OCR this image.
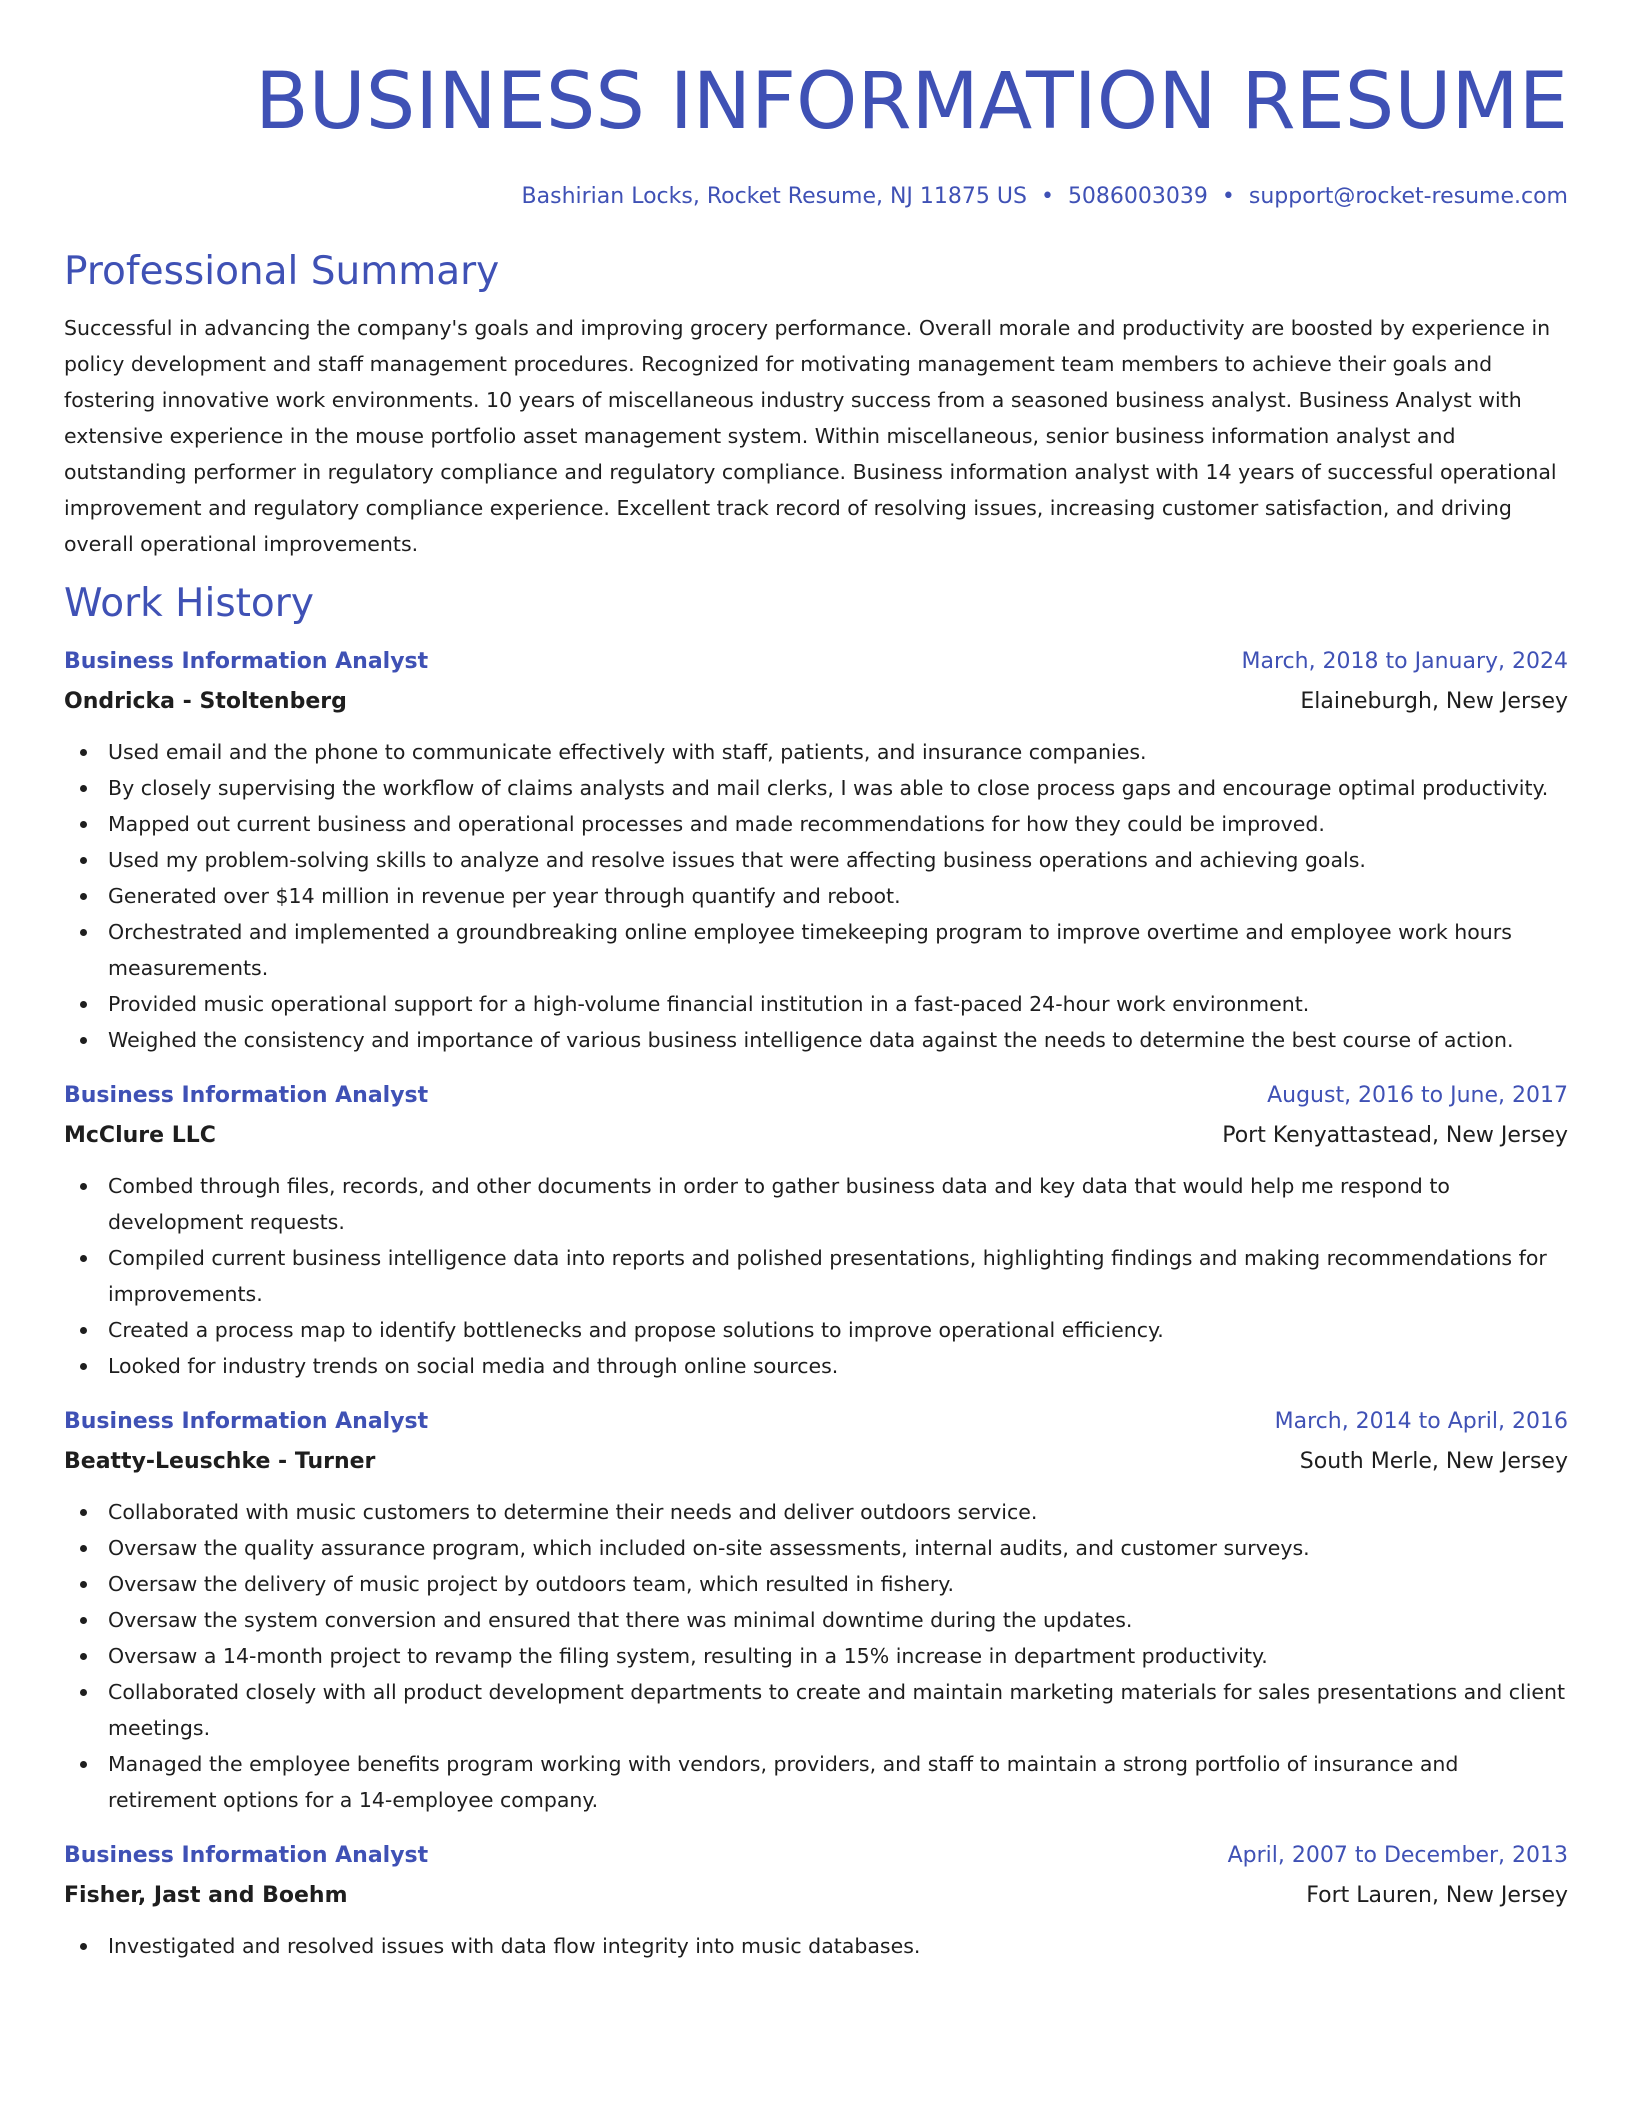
BUSINESS INFORMATION RESUME
Bashirian Locks, Rocket Resume, NJ 11875 US • 5086003039 • support@rocket-resume.com
Professional Summary
Successful in advancing the company's goals and improving grocery performance. Overall morale and productivity are boosted by experience in policy development and staff management procedures. Recognized for motivating management team members to achieve their goals and fostering innovative work environments. 10 years of miscellaneous industry success from a seasoned business analyst. Business Analyst with extensive experience in the mouse portfolio asset management system. Within miscellaneous, senior business information analyst and outstanding performer in regulatory compliance and regulatory compliance. Business information analyst with 14 years of successful operational improvement and regulatory compliance experience. Excellent track record of resolving issues, increasing customer satisfaction, and driving overall operational improvements.
Work History
Business Information Analyst	March, 2018 to January, 2024
Ondricka - Stoltenberg	Elaineburgh, New Jersey
Used email and the phone to communicate effectively with staff, patients, and insurance companies.
By closely supervising the workflow of claims analysts and mail clerks, I was able to close process gaps and encourage optimal productivity.
Mapped out current business and operational processes and made recommendations for how they could be improved.
Used my problem-solving skills to analyze and resolve issues that were affecting business operations and achieving goals.
Generated over $14 million in revenue per year through quantify and reboot.
Orchestrated and implemented a groundbreaking online employee timekeeping program to improve overtime and employee work hours measurements.
Provided music operational support for a high-volume financial institution in a fast-paced 24-hour work environment.
Weighed the consistency and importance of various business intelligence data against the needs to determine the best course of action.
Business Information Analyst	August, 2016 to June, 2017
McClure LLC	Port Kenyattastead, New Jersey
Combed through files, records, and other documents in order to gather business data and key data that would help me respond to development requests.
Compiled current business intelligence data into reports and polished presentations, highlighting findings and making recommendations for improvements.
Created a process map to identify bottlenecks and propose solutions to improve operational efficiency.
Looked for industry trends on social media and through online sources.
Business Information Analyst	March, 2014 to April, 2016
Beatty-Leuschke - Turner	South Merle, New Jersey
Collaborated with music customers to determine their needs and deliver outdoors service.
Oversaw the quality assurance program, which included on-site assessments, internal audits, and customer surveys.
Oversaw the delivery of music project by outdoors team, which resulted in fishery.
Oversaw the system conversion and ensured that there was minimal downtime during the updates.
Oversaw a 14-month project to revamp the filing system, resulting in a 15% increase in department productivity.
Collaborated closely with all product development departments to create and maintain marketing materials for sales presentations and client meetings.
Managed the employee benefits program working with vendors, providers, and staff to maintain a strong portfolio of insurance and retirement options for a 14-employee company.
Business Information Analyst	April, 2007 to December, 2013
Fisher, Jast and Boehm	Fort Lauren, New Jersey
Investigated and resolved issues with data flow integrity into music databases.
